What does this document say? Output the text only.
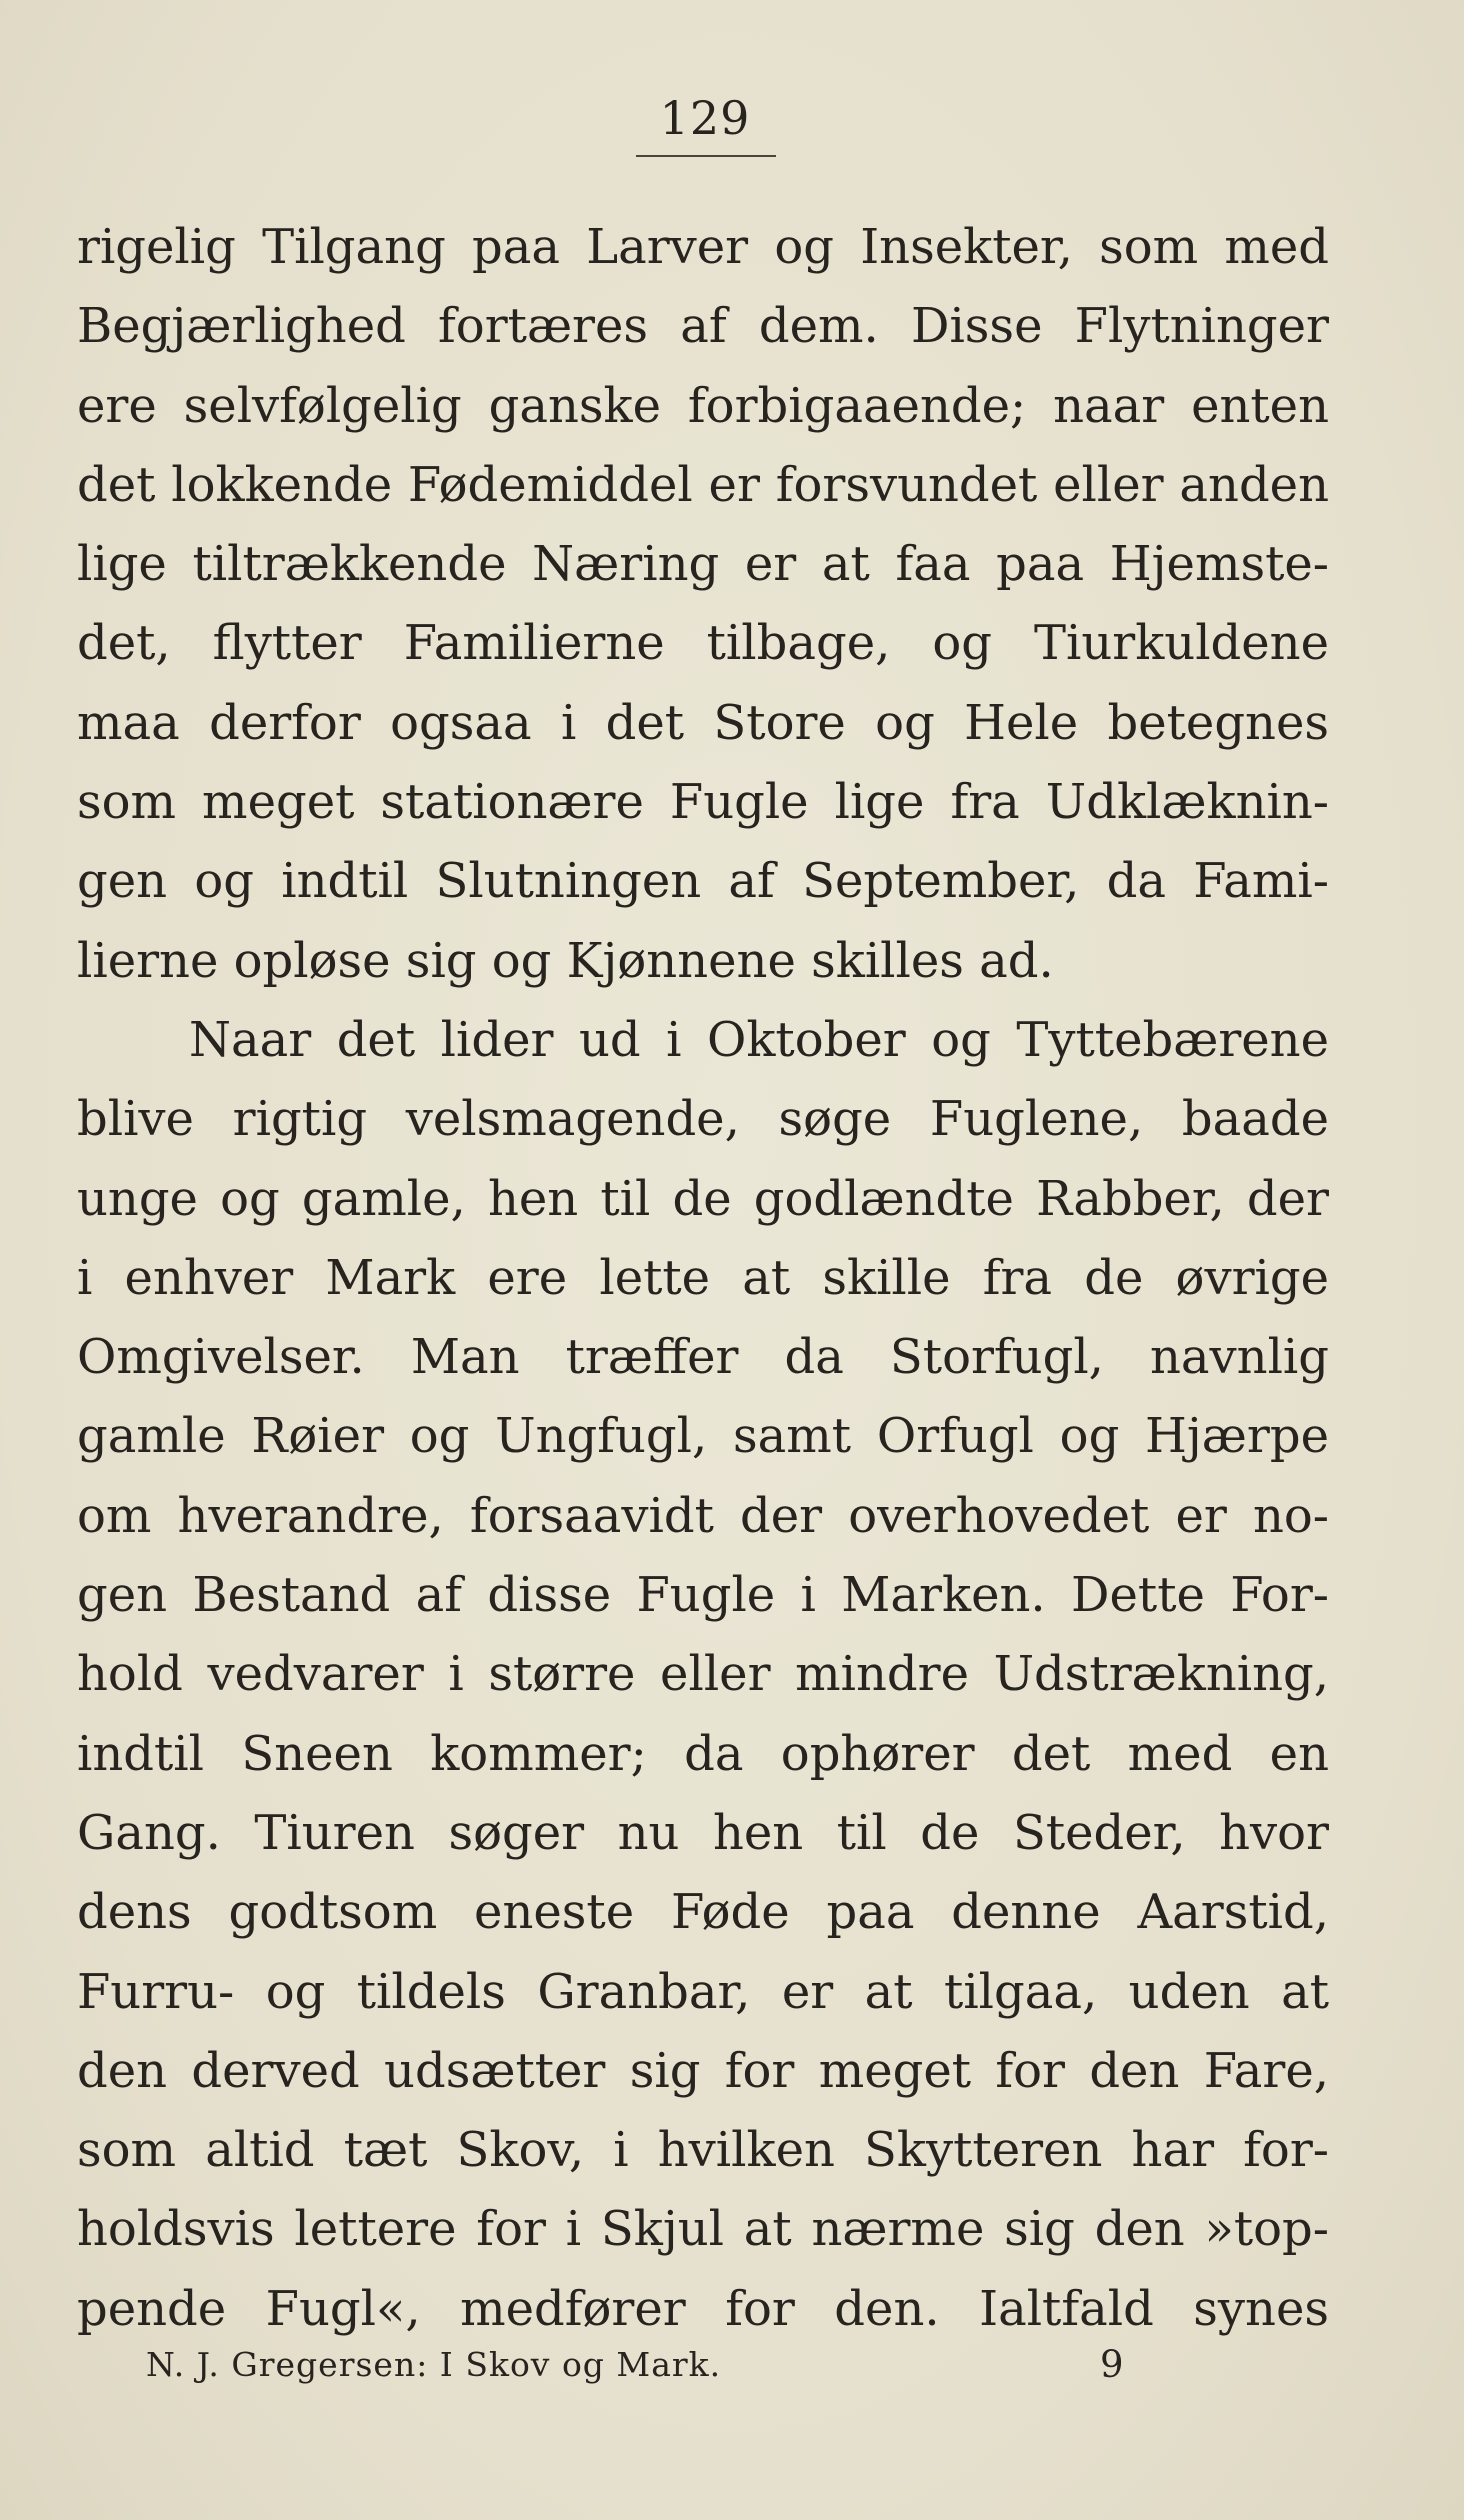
129
rigelig Tilgang paa Larver og Insekter, som med
Begjærlighed fortæres af dem. Disse Flytninger
ere selvfølgelig ganske forbigaaende; naar enten
det lokkende Fødemiddel er forsvundet eller anden
lige tiltrækkende Næring er at faa paa Hjemste-
det, flytter Familierne tilbage, og Tiurkuldene
maa derfor ogsaa i det Store og Hele betegnes
som meget stationære Fugle lige fra Udklæknin-
gen og indtil Slutningen af September, da Fami-
lierne opløse sig og Kjønnene skilles ad.
Naar det lider ud i Oktober og Tyttebærene
blive rigtig velsmagende, søge Fuglene, baade
unge og gamle, hen til de godlændte Rabber, der
i enhver Mark ere lette at skille fra de øvrige
Omgivelser. Man træffer da Storfugl, navnlig
gamle Røier og Ungfugl, samt Orfugl og Hjærpe
om hverandre, forsaavidt der overhovedet er no-
gen Bestand af disse Fugle i Marken. Dette For-
hold vedvarer i større eller mindre Udstrækning,
indtil Sneen kommer; da ophører det med en
Gang. Tiuren søger nu hen til de Steder, hvor
dens godtsom eneste Føde paa denne Aarstid,
Furru- og tildels Granbar, er at tilgaa, uden at
den derved udsætter sig for meget for den Fare,
som altid tæt Skov, i hvilken Skytteren har for-
holdsvis lettere for i Skjul at nærme sig den »top-
pende Fugl«, medfører for den. Ialtfald synes
N. J. Gregersen: I Skov og Mark.	9
